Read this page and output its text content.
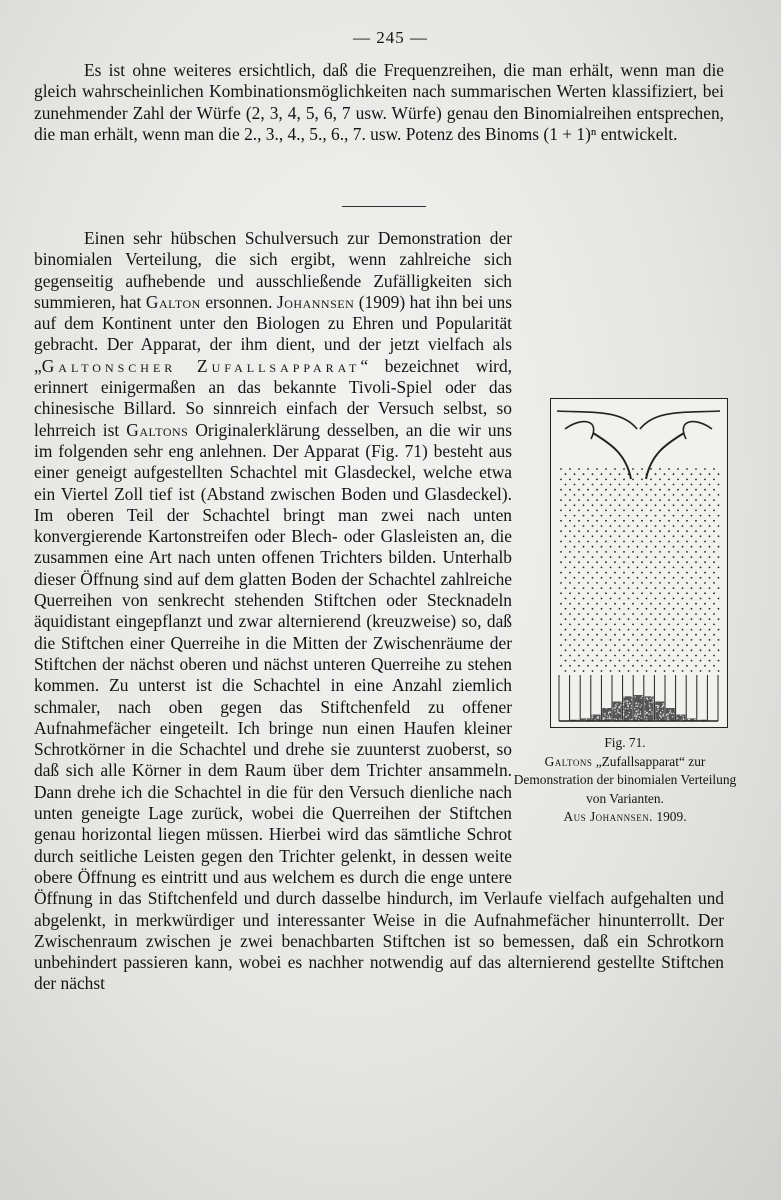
— 245 —

Es ist ohne weiteres ersichtlich, daß die Frequenzreihen, die man erhält, wenn man die gleich wahrscheinlichen Kombinationsmöglichkeiten nach summarischen Werten klassifiziert, bei zunehmender Zahl der Würfe (2, 3, 4, 5, 6, 7 usw. Würfe) genau den Binomialreihen entsprechen, die man erhält, wenn man die 2., 3., 4., 5., 6., 7. usw. Potenz des Binoms (1 + 1)ⁿ entwickelt.

Einen sehr hübschen Schulversuch zur Demonstration der binomialen Verteilung, die sich ergibt, wenn zahlreiche sich gegenseitig aufhebende und ausschließende Zufälligkeiten sich summieren, hat Galton ersonnen. Johannsen (1909) hat ihn bei uns auf dem Kontinent unter den Biologen zu Ehren und Popularität gebracht. Der Apparat, der ihm dient, und der jetzt vielfach als „Galtonscher Zufallsapparat“ bezeichnet wird, erinnert einigermaßen an das bekannte Tivoli-Spiel oder das chinesische Billard. So sinnreich einfach der Versuch selbst, so lehrreich ist Galtons Originalerklärung desselben, an die wir uns im folgenden sehr eng anlehnen. Der Apparat (Fig. 71) besteht aus einer geneigt aufgestellten Schachtel mit Glasdeckel, welche etwa ein Viertel Zoll tief ist (Abstand zwischen Boden und Glasdeckel). Im oberen Teil der Schachtel bringt man zwei nach unten konvergierende Kartonstreifen oder Blech- oder Glasleisten an, die zusammen eine Art nach unten offenen Trichters bilden. Unterhalb dieser Öffnung sind auf dem glatten Boden der Schachtel zahlreiche Querreihen von senkrecht stehenden Stiftchen oder Stecknadeln äquidistant eingepflanzt und zwar alternierend (kreuzweise) so, daß die Stiftchen einer Querreihe in die Mitten der Zwischenräume der Stiftchen der nächst oberen und nächst unteren Querreihe zu stehen kommen. Zu unterst ist die Schachtel in eine Anzahl ziemlich schmaler, nach oben gegen das Stiftchenfeld zu offener Aufnahmefächer eingeteilt. Ich bringe nun einen Haufen kleiner Schrotkörner in die Schachtel und drehe sie zuunterst zuoberst, so daß sich alle Körner in dem Raum über dem Trichter ansammeln. Dann drehe ich die Schachtel in die für den Versuch dienliche nach unten geneigte Lage zurück, wobei die Querreihen der Stiftchen genau horizontal liegen müssen. Hierbei wird das sämtliche Schrot durch seitliche Leisten gegen den Trichter gelenkt, in dessen weite obere Öffnung es eintritt und aus welchem es durch die enge untere Öffnung in das Stiftchenfeld und durch dasselbe hindurch, im Verlaufe vielfach aufgehalten und abgelenkt, in merkwürdiger und interessanter Weise in die Aufnahmefächer hinunterrollt. Der Zwischenraum zwischen je zwei benachbarten Stiftchen ist so bemessen, daß ein Schrotkorn unbehindert passieren kann, wobei es nachher notwendig auf das alternierend gestellte Stiftchen der nächst

Fig. 71.
Galtons „Zufallsapparat“ zur Demonstration der binomialen Verteilung von Varianten.
Aus Johannsen. 1909.
